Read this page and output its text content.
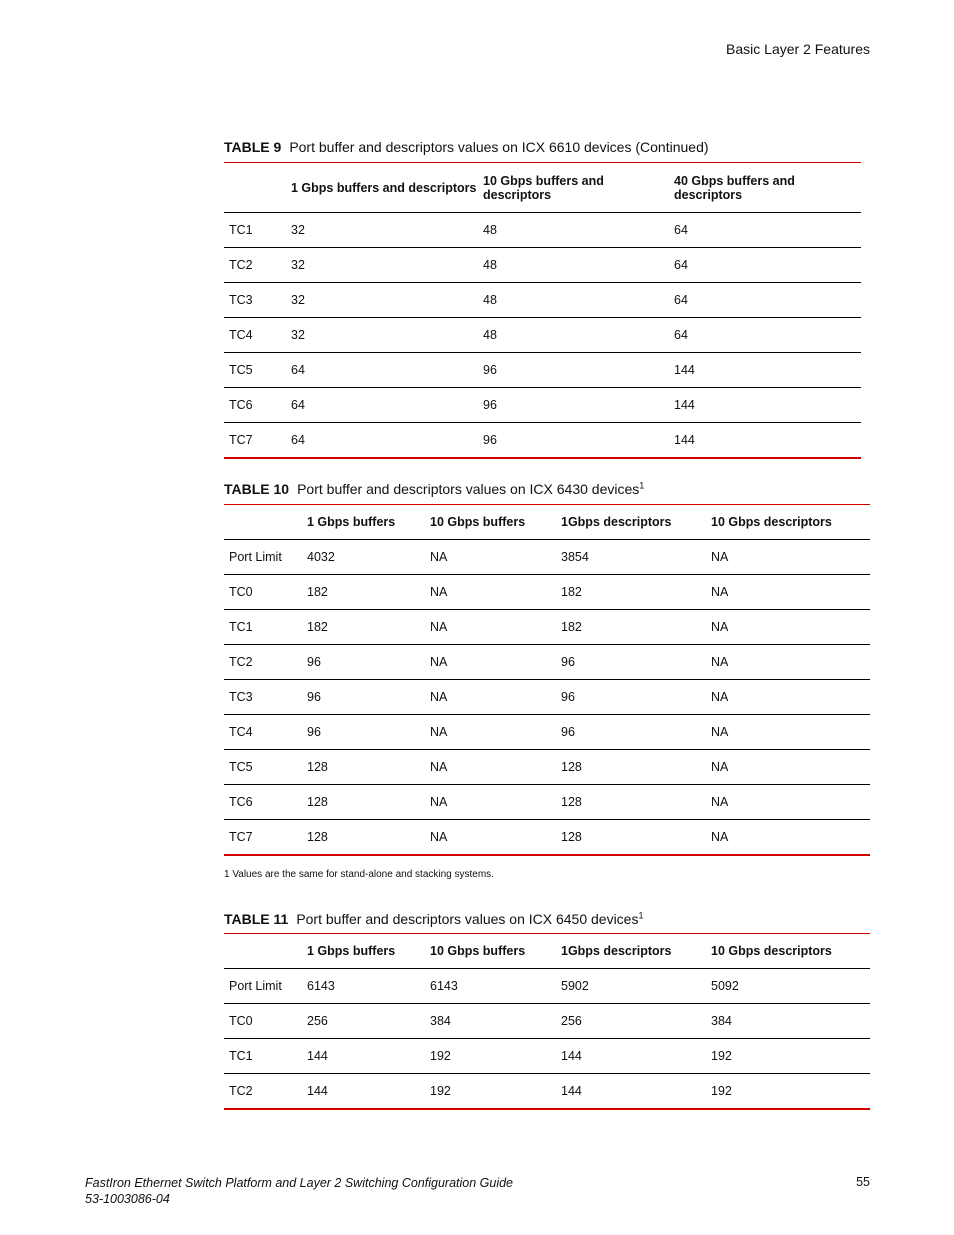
Basic Layer 2 Features
TABLE 9 Port buffer and descriptors values on ICX 6610 devices (Continued)
	1 Gbps buffers and descriptors	10 Gbps buffers and descriptors	40 Gbps buffers and descriptors
TC1	32	48	64
TC2	32	48	64
TC3	32	48	64
TC4	32	48	64
TC5	64	96	144
TC6	64	96	144
TC7	64	96	144
TABLE 10 Port buffer and descriptors values on ICX 6430 devices$^1$
	1 Gbps buffers	10 Gbps buffers	1Gbps descriptors	10 Gbps descriptors
Port Limit	4032	NA	3854	NA
TC0	182	NA	182	NA
TC1	182	NA	182	NA
TC2	96	NA	96	NA
TC3	96	NA	96	NA
TC4	96	NA	96	NA
TC5	128	NA	128	NA
TC6	128	NA	128	NA
TC7	128	NA	128	NA
1 Values are the same for stand-alone and stacking systems.
TABLE 11 Port buffer and descriptors values on ICX 6450 devices$^1$
	1 Gbps buffers	10 Gbps buffers	1Gbps descriptors	10 Gbps descriptors
Port Limit	6143	6143	5902	5092
TC0	256	384	256	384
TC1	144	192	144	192
TC2	144	192	144	192
FastIron Ethernet Switch Platform and Layer 2 Switching Configuration Guide
53-1003086-04
55
